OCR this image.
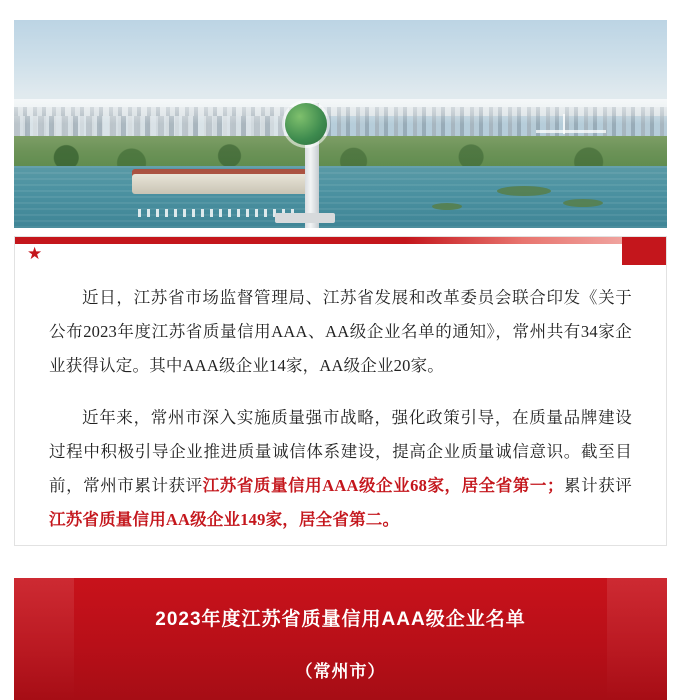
★

近日，江苏省市场监督管理局、江苏省发展和改革委员会联合印发《关于公布2023年度江苏省质量信用AAA、AA级企业名单的通知》，常州共有34家企业获得认定。其中AAA级企业14家，AA级企业20家。

近年来，常州市深入实施质量强市战略，强化政策引导，在质量品牌建设过程中积极引导企业推进质量诚信体系建设，提高企业质量诚信意识。截至目前，常州市累计获评江苏省质量信用AAA级企业68家，居全省第一；累计获评江苏省质量信用AA级企业149家，居全省第二。

2023年度江苏省质量信用AAA级企业名单

（常州市）
